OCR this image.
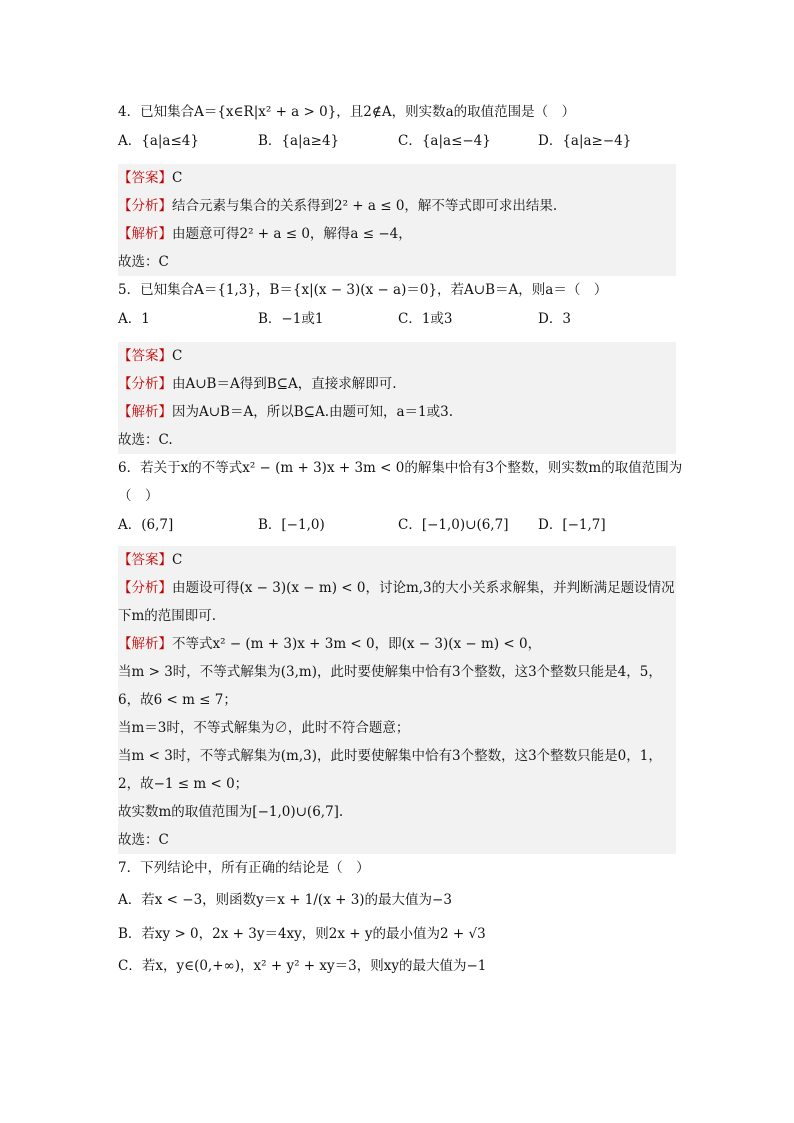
4．已知集合A＝{x∈R|x² + a > 0}，且2∉A，则实数a的取值范围是（　）
A．{a|a≤4}	B．{a|a≥4}	C．{a|a≤−4}	D．{a|a≥−4}
【答案】C
【分析】结合元素与集合的关系得到2² + a ≤ 0，解不等式即可求出结果.
【解析】由题意可得2² + a ≤ 0，解得a ≤ −4，
故选：C
5．已知集合A＝{1,3}，B＝{x|(x − 3)(x − a)＝0}，若A∪B＝A，则a＝（　）
A．1	B．−1或1	C．1或3	D．3
【答案】C
【分析】由A∪B＝A得到B⊆A，直接求解即可.
【解析】因为A∪B＝A，所以B⊆A.由题可知，a＝1或3.
故选：C.
6．若关于x的不等式x² − (m + 3)x + 3m < 0的解集中恰有3个整数，则实数m的取值范围为
（　）
A．(6,7]	B．[−1,0)	C．[−1,0)∪(6,7]	D．[−1,7]
【答案】C
【分析】由题设可得(x − 3)(x − m) < 0，讨论m,3的大小关系求解集，并判断满足题设情况
下m的范围即可.
【解析】不等式x² − (m + 3)x + 3m < 0，即(x − 3)(x − m) < 0，
当m > 3时，不等式解集为(3,m)，此时要使解集中恰有3个整数，这3个整数只能是4，5，
6，故6 < m ≤ 7；
当m＝3时，不等式解集为∅，此时不符合题意；
当m < 3时，不等式解集为(m,3)，此时要使解集中恰有3个整数，这3个整数只能是0，1，
2，故−1 ≤ m < 0；
故实数m的取值范围为[−1,0)∪(6,7].
故选：C
7．下列结论中，所有正确的结论是（　）
A．若x < −3，则函数y＝x + 1/(x + 3)的最大值为−3
B．若xy > 0，2x + 3y＝4xy，则2x + y的最小值为2 + √3
C．若x，y∈(0,+∞)，x² + y² + xy＝3，则xy的最大值为−1
